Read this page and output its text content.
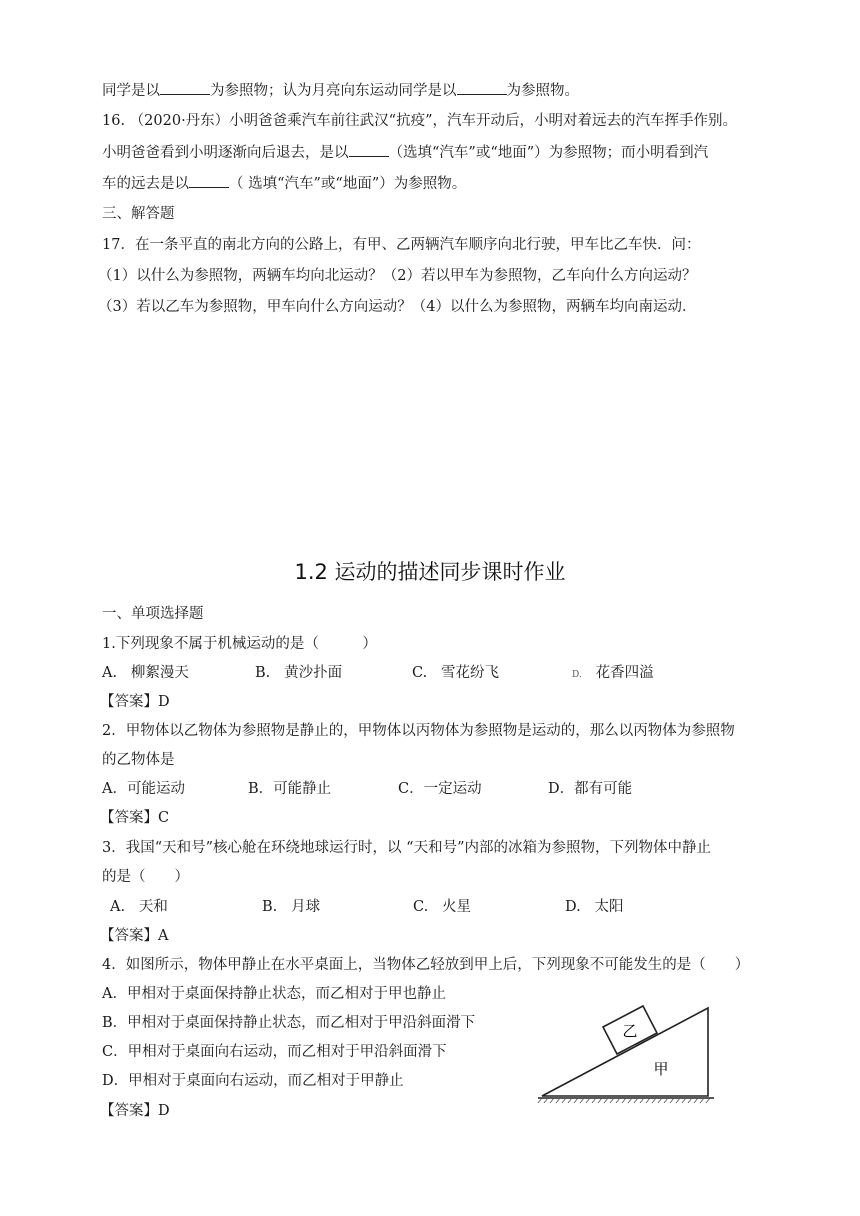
同学是以	为参照物；认为月亮向东运动同学是以	为参照物。
16. （2020·丹东）小明爸爸乘汽车前往武汉“抗疫”，汽车开动后，小明对着远去的汽车挥手作别。
小明爸爸看到小明逐渐向后退去，是以	（选填“汽车”或“地面”）为参照物；而小明看到汽
车的远去是以	（ 选填“汽车”或“地面”）为参照物。
三、解答题
17．在一条平直的南北方向的公路上，有甲、乙两辆汽车顺序向北行驶，甲车比乙车快．问：
（1）以什么为参照物，两辆车均向北运动？（2）若以甲车为参照物，乙车向什么方向运动？
（3）若以乙车为参照物，甲车向什么方向运动？（4）以什么为参照物，两辆车均向南运动．
1.2 运动的描述同步课时作业
一、单项选择题
1.下列现象不属于机械运动的是（　　　）
A. 柳絮漫天	B. 黄沙扑面	C. 雪花纷飞	D. 花香四溢
【答案】D
2．甲物体以乙物体为参照物是静止的，甲物体以丙物体为参照物是运动的，那么以丙物体为参照物
的乙物体是
A．可能运动	B．可能静止	C．一定运动	D．都有可能
【答案】C
3．我国“天和号”核心舱在环绕地球运行时，以 “天和号”内部的冰箱为参照物，下列物体中静止
的是（　　）
A. 天和	B. 月球	C. 火星	D. 太阳
【答案】A
4．如图所示，物体甲静止在水平桌面上，当物体乙轻放到甲上后，下列现象不可能发生的是（　　）
A．甲相对于桌面保持静止状态，而乙相对于甲也静止
B．甲相对于桌面保持静止状态，而乙相对于甲沿斜面滑下
C．甲相对于桌面向右运动，而乙相对于甲沿斜面滑下
D．甲相对于桌面向右运动，而乙相对于甲静止
【答案】D
乙
甲
